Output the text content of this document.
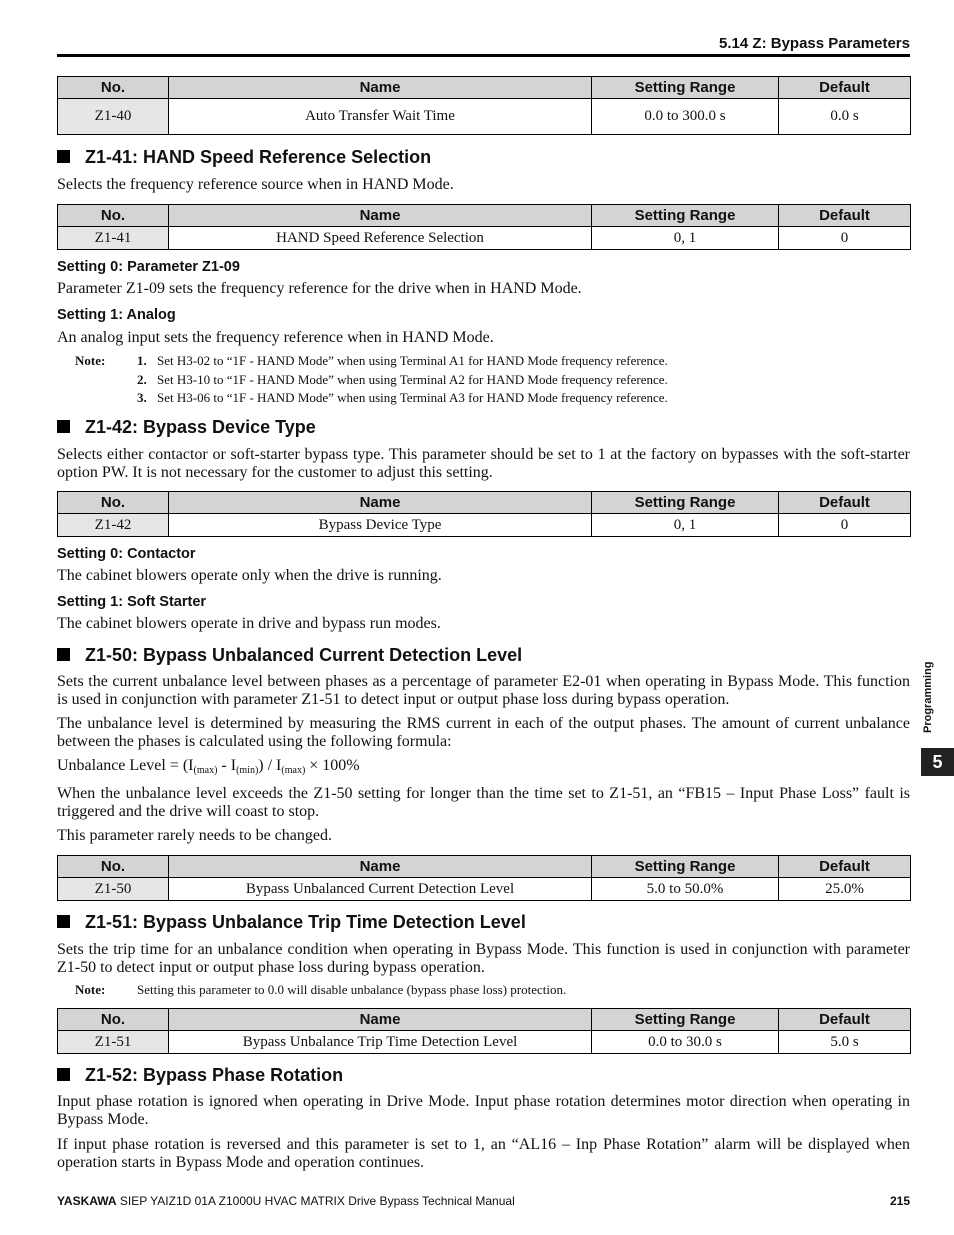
5.14 Z: Bypass Parameters
No.	Name	Setting Range	Default
Z1-40	Auto Transfer Wait Time	0.0 to 300.0 s	0.0 s
Z1-41: HAND Speed Reference Selection
Selects the frequency reference source when in HAND Mode.
No.	Name	Setting Range	Default
Z1-41	HAND Speed Reference Selection	0, 1	0
Setting 0: Parameter Z1-09
Parameter Z1-09 sets the frequency reference for the drive when in HAND Mode.
Setting 1: Analog
An analog input sets the frequency reference when in HAND Mode.
Note: 1. Set H3-02 to “1F - HAND Mode” when using Terminal A1 for HAND Mode frequency reference.
2. Set H3-10 to “1F - HAND Mode” when using Terminal A2 for HAND Mode frequency reference.
3. Set H3-06 to “1F - HAND Mode” when using Terminal A3 for HAND Mode frequency reference.
Z1-42: Bypass Device Type
Selects either contactor or soft-starter bypass type. This parameter should be set to 1 at the factory on bypasses with the soft-starter option PW. It is not necessary for the customer to adjust this setting.
No.	Name	Setting Range	Default
Z1-42	Bypass Device Type	0, 1	0
Setting 0: Contactor
The cabinet blowers operate only when the drive is running.
Setting 1: Soft Starter
The cabinet blowers operate in drive and bypass run modes.
Z1-50: Bypass Unbalanced Current Detection Level
Sets the current unbalance level between phases as a percentage of parameter E2-01 when operating in Bypass Mode. This function is used in conjunction with parameter Z1-51 to detect input or output phase loss during bypass operation.
The unbalance level is determined by measuring the RMS current in each of the output phases. The amount of current unbalance between the phases is calculated using the following formula:
Unbalance Level = $(I_{(max)} - I_{(min)}) / I_{(max)} \times 100\%$
When the unbalance level exceeds the Z1-50 setting for longer than the time set to Z1-51, an “FB15 – Input Phase Loss” fault is triggered and the drive will coast to stop.
This parameter rarely needs to be changed.
No.	Name	Setting Range	Default
Z1-50	Bypass Unbalanced Current Detection Level	5.0 to 50.0%	25.0%
Z1-51: Bypass Unbalance Trip Time Detection Level
Sets the trip time for an unbalance condition when operating in Bypass Mode. This function is used in conjunction with parameter Z1-50 to detect input or output phase loss during bypass operation.
Note: Setting this parameter to 0.0 will disable unbalance (bypass phase loss) protection.
No.	Name	Setting Range	Default
Z1-51	Bypass Unbalance Trip Time Detection Level	0.0 to 30.0 s	5.0 s
Z1-52: Bypass Phase Rotation
Input phase rotation is ignored when operating in Drive Mode. Input phase rotation determines motor direction when operating in Bypass Mode.
If input phase rotation is reversed and this parameter is set to 1, an “AL16 – Inp Phase Rotation” alarm will be displayed when operation starts in Bypass Mode and operation continues.
Programming
5
YASKAWA SIEP YAIZ1D 01A Z1000U HVAC MATRIX Drive Bypass Technical Manual	215
